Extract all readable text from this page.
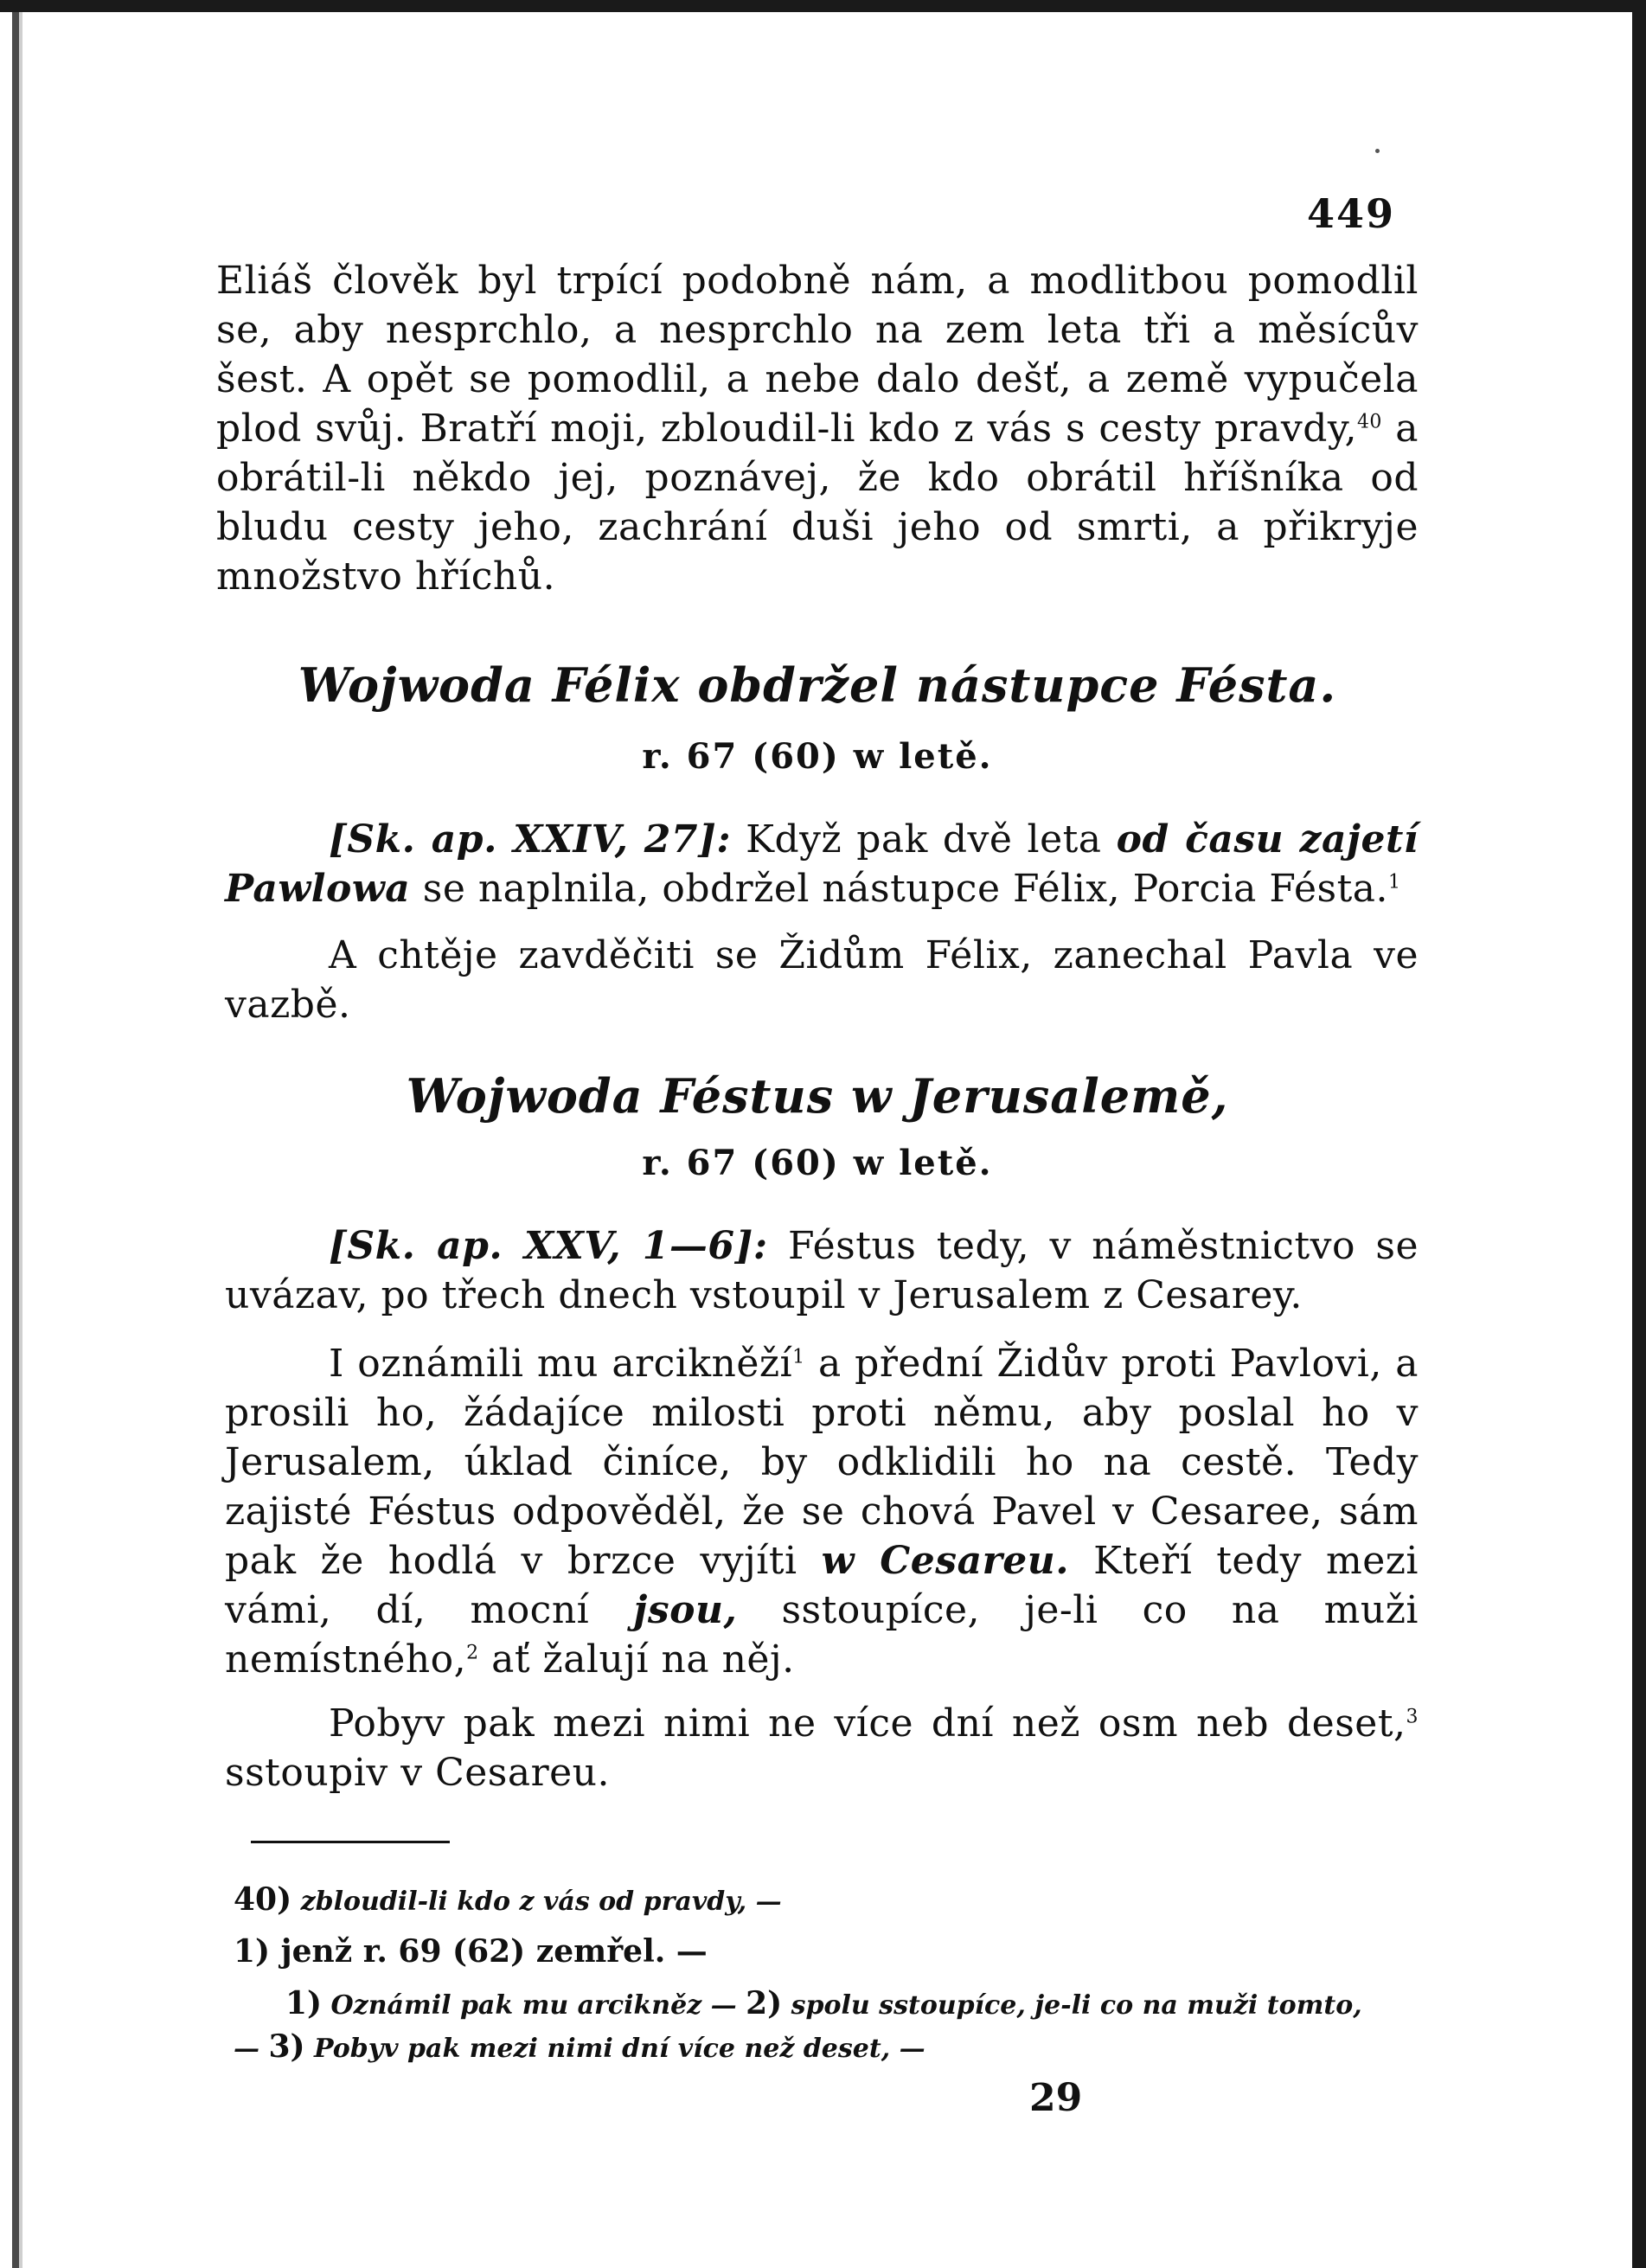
449

Eliáš člověk byl trpící podobně nám, a modlitbou pomodlil se, aby nesprchlo, a nesprchlo na zem leta tři a měsícův šest. A opět se pomodlil, a nebe dalo dešť, a země vypučela plod svůj. Bratří moji, zbloudil-li kdo z vás s cesty pravdy,$^{40}$ a obrátil-li někdo jej, poznávej, že kdo obrátil hříšníka od bludu cesty jeho, zachrání duši jeho od smrti, a přikryje množstvo hříchů.

Wojwoda Félix obdržel nástupce Fésta.
r. 67 (60) w letě.

[Sk. ap. XXIV, 27]: Když pak dvě leta od času zajetí Pawlowa se naplnila, obdržel nástupce Félix, Porcia Fésta.$^1$

A chtěje zavděčiti se Židům Félix, zanechal Pavla ve vazbě.

Wojwoda Féstus w Jerusalemě,
r. 67 (60) w letě.

[Sk. ap. XXV, 1—6]: Féstus tedy, v náměstnictvo se uvázav, po třech dnech vstoupil v Jerusalem z Cesarey.

I oznámili mu arcikněží$^1$ a přední Židův proti Pavlovi, a prosili ho, žádajíce milosti proti němu, aby poslal ho v Jerusalem, úklad činíce, by odklidili ho na cestě. Tedy zajisté Féstus odpověděl, že se chová Pavel v Cesaree, sám pak že hodlá v brzce vyjíti w Cesareu. Kteří tedy mezi vámi, dí, mocní jsou, sstoupíce, je-li co na muži nemístného,$^2$ ať žalují na něj.

Pobyv pak mezi nimi ne více dní než osm neb deset,$^3$ sstoupiv v Cesareu.

40) zbloudil-li kdo z vás od pravdy, —
1) jenž r. 69 (62) zemřel. —
1) Oznámil pak mu arcikněz — 2) spolu sstoupíce, je-li co na muži tomto,
— 3) Pobyv pak mezi nimi dní více než deset, —
29
